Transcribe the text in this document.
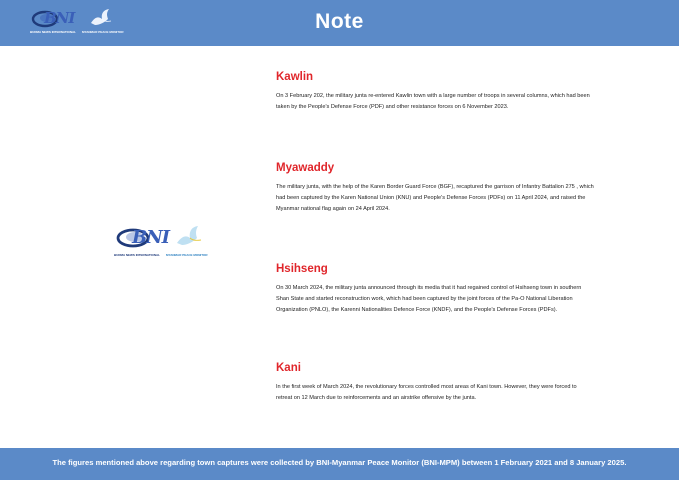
BNI
BURMA NEWS INTERNATIONAL MYANMAR PEACE MONITOR	Note
BNI
BURMA NEWS INTERNATIONAL MYANMAR PEACE MONITOR
Kawlin

On 3 February 202, the military junta re-entered Kawlin town with a large number of troops in several columns, which had been taken by the People's Defense Force (PDF) and other resistance forces on 6 November 2023.

Myawaddy

The military junta, with the help of the Karen Border Guard Force (BGF), recaptured the garrison of Infantry Battalion 275 , which had been captured by the Karen National Union (KNU) and People's Defense Forces (PDFs) on 11 April 2024, and raised the Myanmar national flag again on 24 April 2024.

Hsihseng

On 30 March 2024, the military junta announced through its media that it had regained control of Hsihseng town in southern Shan State and started reconstruction work, which had been captured by the joint forces of the Pa-O National Liberation Organization (PNLO), the Karenni Nationalities Defence Force (KNDF), and the People's Defense Forces (PDFs).

Kani

In the first week of March 2024, the revolutionary forces controlled most areas of Kani town. However, they were forced to retreat on 12 March due to reinforcements and an airstrike offensive by the junta.

The figures mentioned above regarding town captures were collected by BNI-Myanmar Peace Monitor (BNI-MPM) between 1 February 2021 and 8 January 2025.
